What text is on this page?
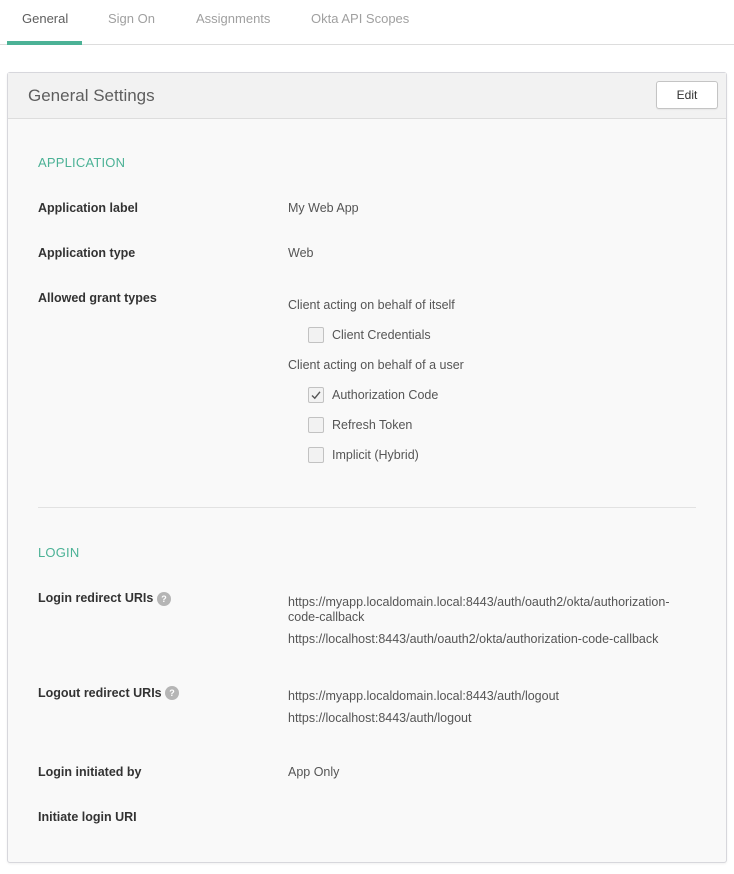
General	Sign On	Assignments	Okta API Scopes
General Settings	Edit
APPLICATION
Application label	My Web App
Application type	Web
Allowed grant types	Client acting on behalf of itself
Client Credentials
Client acting on behalf of a user
Authorization Code
Refresh Token
Implicit (Hybrid)
LOGIN
Login redirect URIs ?	https://myapp.localdomain.local:8443/auth/oauth2/okta/authorization-
code-callback
https://localhost:8443/auth/oauth2/okta/authorization-code-callback
Logout redirect URIs ?	https://myapp.localdomain.local:8443/auth/logout
https://localhost:8443/auth/logout
Login initiated by	App Only
Initiate login URI
